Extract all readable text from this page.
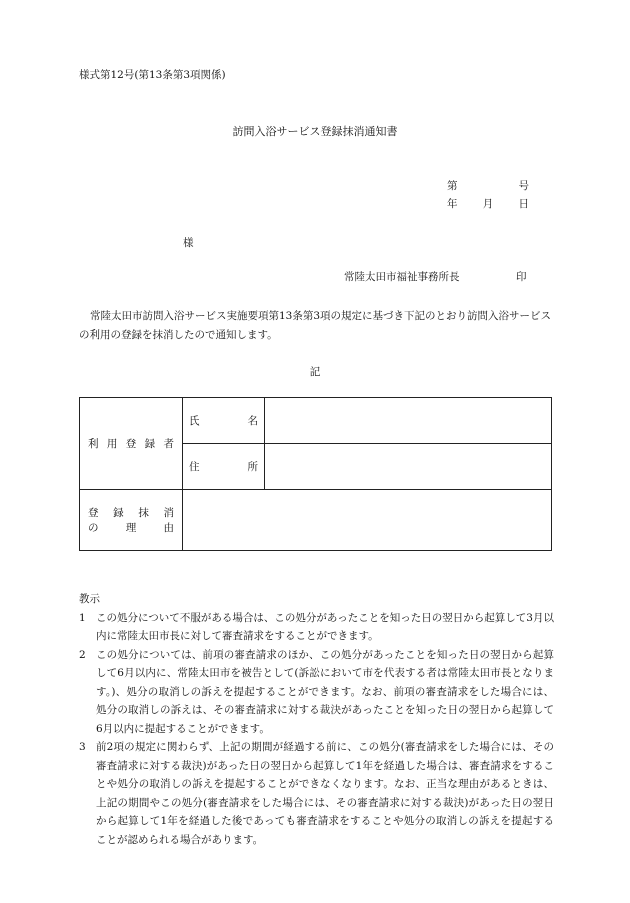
様式第12号(第13条第3項関係)
訪問入浴サービス登録抹消通知書
第	号
年 月 日
様
常陸太田市福祉事務所長	印
常陸太田市訪問入浴サービス実施要項第13条第3項の規定に基づき下記のとおり訪問入浴サービスの利用の登録を抹消したので通知します。
記
利用登録者	氏名	

	住所	

登録抹消
の理由		

教示
1 この処分について不服がある場合は、この処分があったことを知った日の翌日から起算して3月以内に常陸太田市長に対して審査請求をすることができます。
2 この処分については、前項の審査請求のほか、この処分があったことを知った日の翌日から起算して6月以内に、常陸太田市を被告として(訴訟において市を代表する者は常陸太田市長となります。)、処分の取消しの訴えを提起することができます。なお、前項の審査請求をした場合には、処分の取消しの訴えは、その審査請求に対する裁決があったことを知った日の翌日から起算して6月以内に提起することができます。
3 前2項の規定に関わらず、上記の期間が経過する前に、この処分(審査請求をした場合には、その審査請求に対する裁決)があった日の翌日から起算して1年を経過した場合は、審査請求をすることや処分の取消しの訴えを提起することができなくなります。なお、正当な理由があるときは、上記の期間やこの処分(審査請求をした場合には、その審査請求に対する裁決)があった日の翌日から起算して1年を経過した後であっても審査請求をすることや処分の取消しの訴えを提起することが認められる場合があります。
